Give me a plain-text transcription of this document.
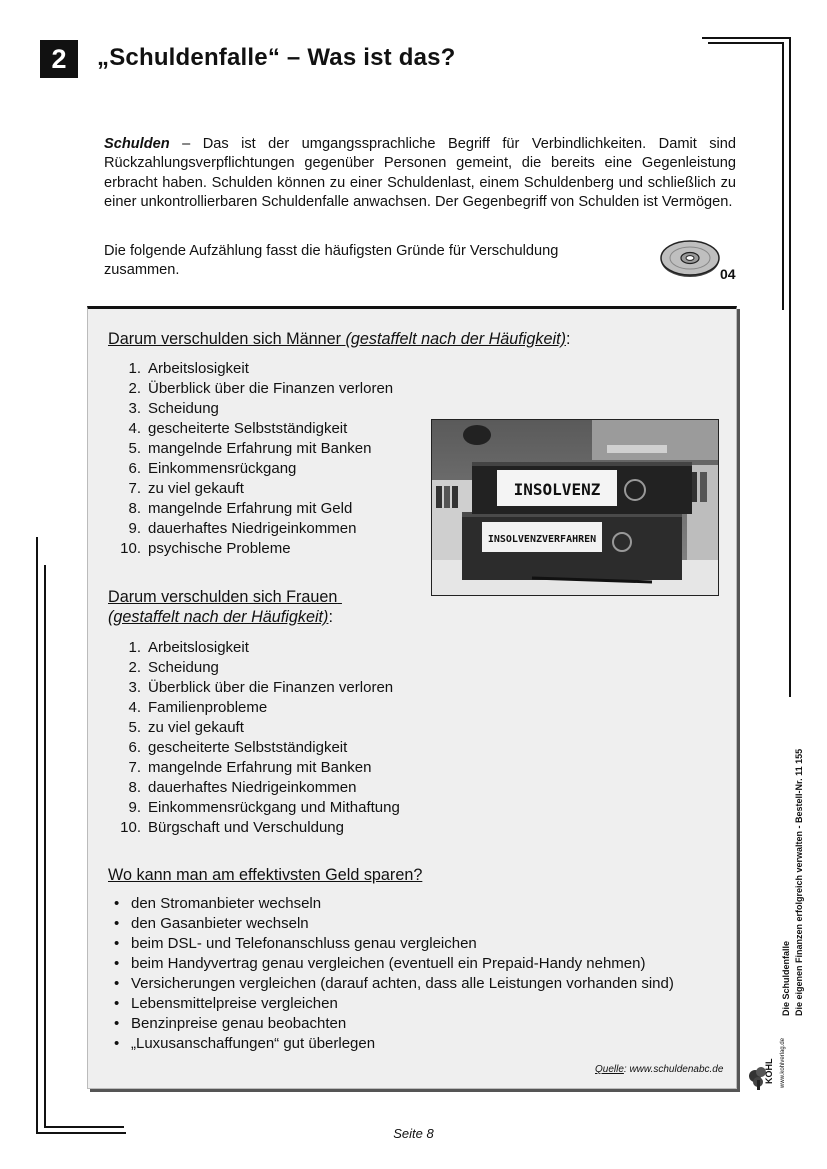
2	„Schuldenfalle“ – Was ist das?
Schulden – Das ist der umgangssprachliche Begriff für Verbindlichkeiten. Damit sind Rückzahlungsverpflichtungen gegenüber Personen gemeint, die bereits eine Gegenleistung erbracht haben. Schulden können zu einer Schuldenlast, einem Schuldenberg und schließlich zu einer unkontrollierbaren Schuldenfalle anwachsen. Der Gegenbegriff von Schulden ist Vermögen.
Die folgende Aufzählung fasst die häufigsten Gründe für Verschuldung zusammen.	04
Darum verschulden sich Männer (gestaffelt nach der Häufigkeit):
1. Arbeitslosigkeit
2. Überblick über die Finanzen verloren
3. Scheidung
4. gescheiterte Selbstständigkeit
5. mangelnde Erfahrung mit Banken
6. Einkommensrückgang
7. zu viel gekauft
8. mangelnde Erfahrung mit Geld
9. dauerhaftes Niedrigeinkommen
10. psychische Probleme
INSOLVENZVERFAHREN
INSOLVENZ
Darum verschulden sich Frauen
(gestaffelt nach der Häufigkeit):
1. Arbeitslosigkeit
2. Scheidung
3. Überblick über die Finanzen verloren
4. Familienprobleme
5. zu viel gekauft
6. gescheiterte Selbstständigkeit
7. mangelnde Erfahrung mit Banken
8. dauerhaftes Niedrigeinkommen
9. Einkommensrückgang und Mithaftung
10. Bürgschaft und Verschuldung
Wo kann man am effektivsten Geld sparen?
• den Stromanbieter wechseln
• den Gasanbieter wechseln
• beim DSL- und Telefonanschluss genau vergleichen
• beim Handyvertrag genau vergleichen (eventuell ein Prepaid-Handy nehmen)
• Versicherungen vergleichen (darauf achten, dass alle Leistungen vorhanden sind)
• Lebensmittelpreise vergleichen
• Benzinpreise genau beobachten
• „Luxusanschaffungen“ gut überlegen
Quelle: www.schuldenabc.de
Die Schuldenfalle Die eigenen Finanzen erfolgreich verwalten - Bestell-Nr. 11 155
KOHL www.kohlverlag.de
Seite 8
